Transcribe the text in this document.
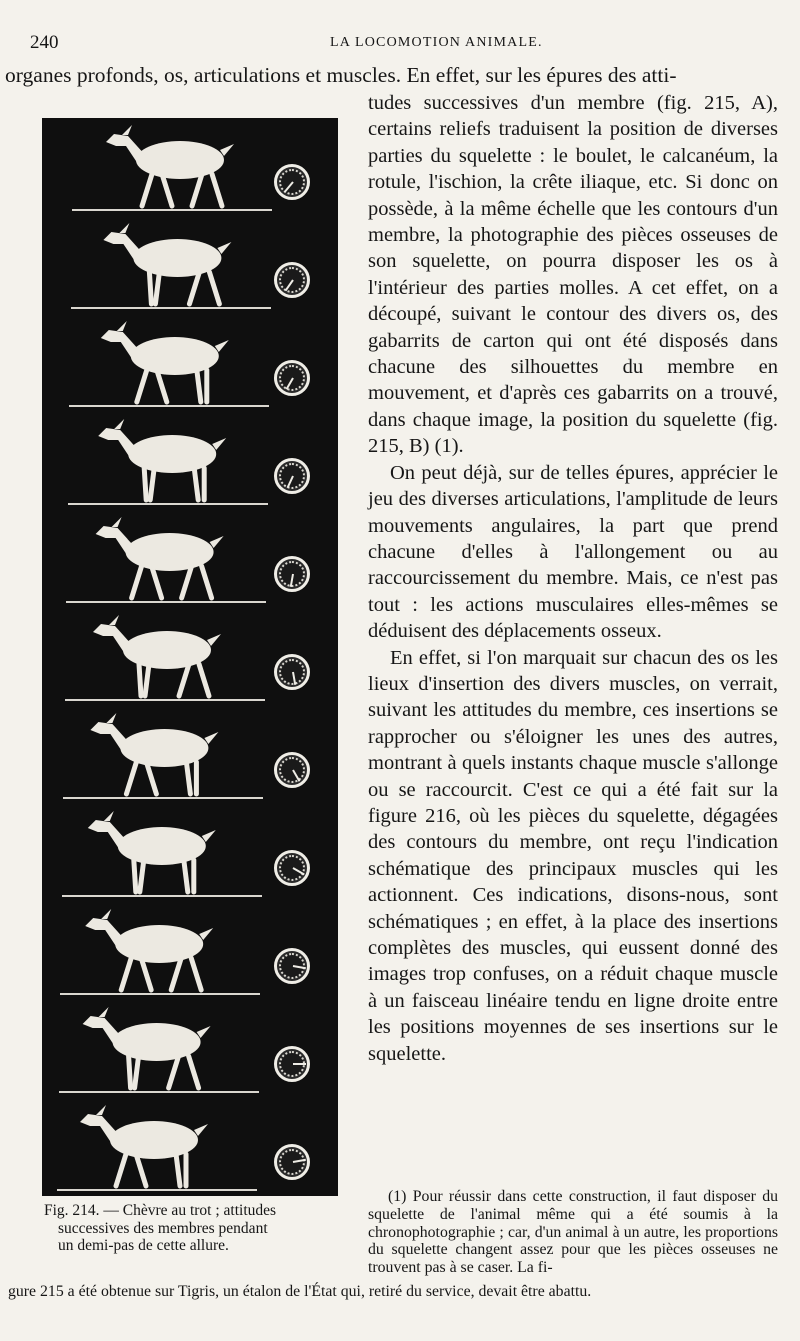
240	LA LOCOMOTION ANIMALE.
organes profonds, os, articulations et muscles. En effet, sur les épures des atti-

tudes successives d'un membre (fig. 215, A), certains reliefs traduisent la position de diverses parties du squelette : le boulet, le calcanéum, la rotule, l'ischion, la crête iliaque, etc. Si donc on possède, à la même échelle que les contours d'un membre, la photographie des pièces osseuses de son squelette, on pourra disposer les os à l'intérieur des parties molles. A cet effet, on a découpé, suivant le contour des divers os, des gabarrits de carton qui ont été disposés dans chacune des silhouettes du membre en mouvement, et d'après ces gabarrits on a trouvé, dans chaque image, la position du squelette (fig. 215, B) (1).

On peut déjà, sur de telles épures, apprécier le jeu des diverses articulations, l'amplitude de leurs mouvements angulaires, la part que prend chacune d'elles à l'allongement ou au raccourcissement du membre. Mais, ce n'est pas tout : les actions musculaires elles-mêmes se déduisent des déplacements osseux.

En effet, si l'on marquait sur chacun des os les lieux d'insertion des divers muscles, on verrait, suivant les attitudes du membre, ces insertions se rapprocher ou s'éloigner les unes des autres, montrant à quels instants chaque muscle s'allonge ou se raccourcit. C'est ce qui a été fait sur la figure 216, où les pièces du squelette, dégagées des contours du membre, ont reçu l'indication schématique des principaux muscles qui les actionnent. Ces indications, disons-nous, sont schématiques ; en effet, à la place des insertions complètes des muscles, qui eussent donné des images trop confuses, on a réduit chaque muscle à un faisceau linéaire tendu en ligne droite entre les positions moyennes de ses insertions sur le squelette.

Fig. 214. — Chèvre au trot ; attitudes
successives des membres pendant
un demi-pas de cette allure.
(1) Pour réussir dans cette construction, il faut disposer du squelette de l'animal même qui a été soumis à la chronophotographie ; car, d'un animal à un autre, les proportions du squelette changent assez pour que les pièces osseuses ne trouvent pas à se caser. La fi-
gure 215 a été obtenue sur Tigris, un étalon de l'État qui, retiré du service, devait être abattu.
